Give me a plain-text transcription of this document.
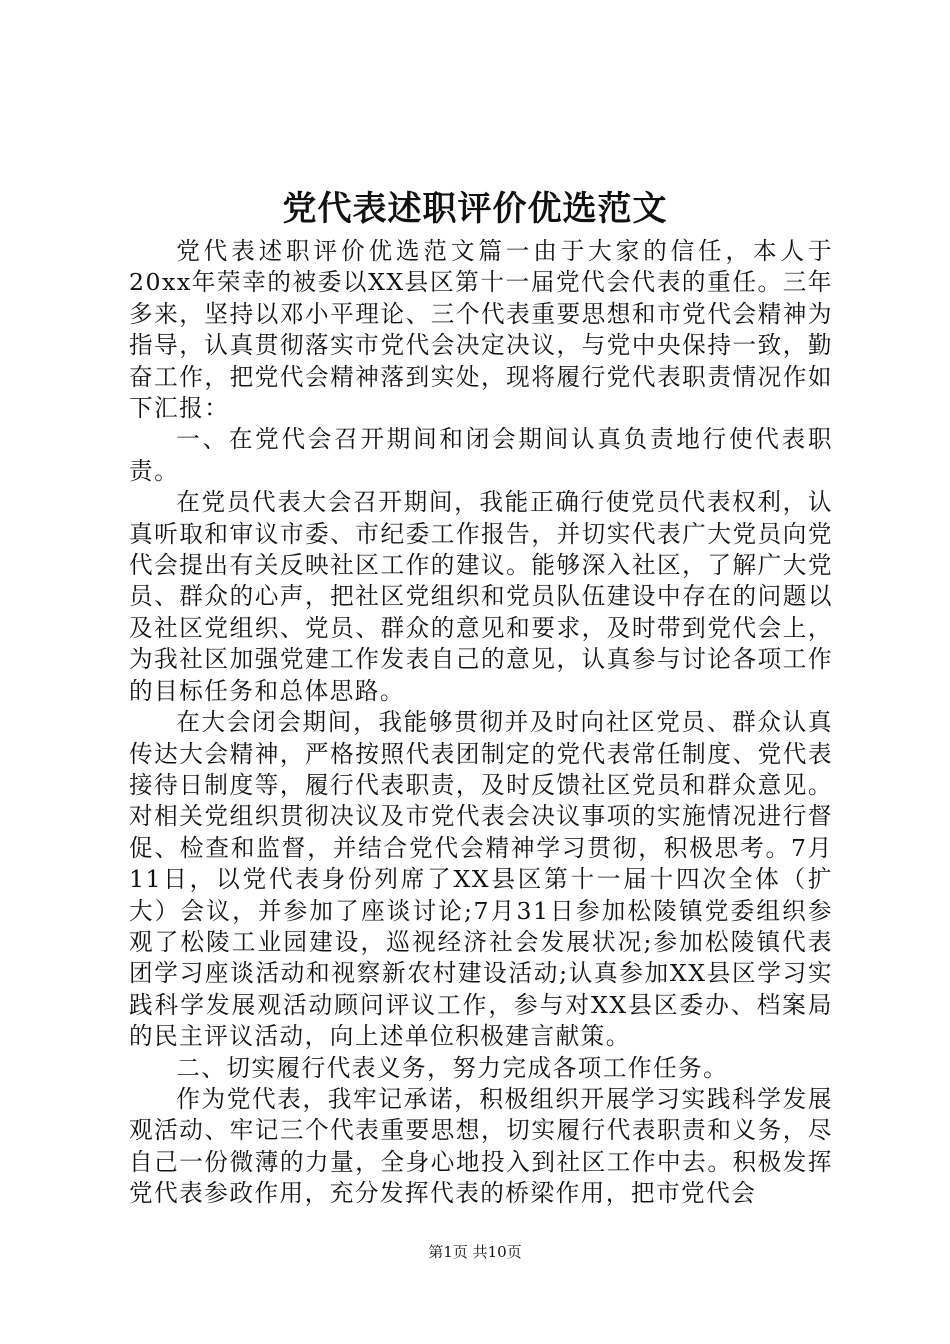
党代表述职评价优选范文

党代表述职评价优选范文篇一由于大家的信任，本人于20xx年荣幸的被委以XX县区第十一届党代会代表的重任。三年多来，坚持以邓小平理论、三个代表重要思想和市党代会精神为指导，认真贯彻落实市党代会决定决议，与党中央保持一致，勤奋工作，把党代会精神落到实处，现将履行党代表职责情况作如下汇报：

一、在党代会召开期间和闭会期间认真负责地行使代表职责。

在党员代表大会召开期间，我能正确行使党员代表权利，认真听取和审议市委、市纪委工作报告，并切实代表广大党员向党代会提出有关反映社区工作的建议。能够深入社区，了解广大党员、群众的心声，把社区党组织和党员队伍建设中存在的问题以及社区党组织、党员、群众的意见和要求，及时带到党代会上，为我社区加强党建工作发表自己的意见，认真参与讨论各项工作的目标任务和总体思路。

在大会闭会期间，我能够贯彻并及时向社区党员、群众认真传达大会精神，严格按照代表团制定的党代表常任制度、党代表接待日制度等，履行代表职责，及时反馈社区党员和群众意见。对相关党组织贯彻决议及市党代表会决议事项的实施情况进行督促、检查和监督，并结合党代会精神学习贯彻，积极思考。7月11日，以党代表身份列席了XX县区第十一届十四次全体（扩大）会议，并参加了座谈讨论;7月31日参加松陵镇党委组织参观了松陵工业园建设，巡视经济社会发展状况;参加松陵镇代表团学习座谈活动和视察新农村建设活动;认真参加XX县区学习实践科学发展观活动顾问评议工作，参与对XX县区委办、档案局的民主评议活动，向上述单位积极建言献策。

二、切实履行代表义务，努力完成各项工作任务。

作为党代表，我牢记承诺，积极组织开展学习实践科学发展观活动、牢记三个代表重要思想，切实履行代表职责和义务，尽自己一份微薄的力量，全身心地投入到社区工作中去。积极发挥党代表参政作用，充分发挥代表的桥梁作用，把市党代会

第1页 共10页
